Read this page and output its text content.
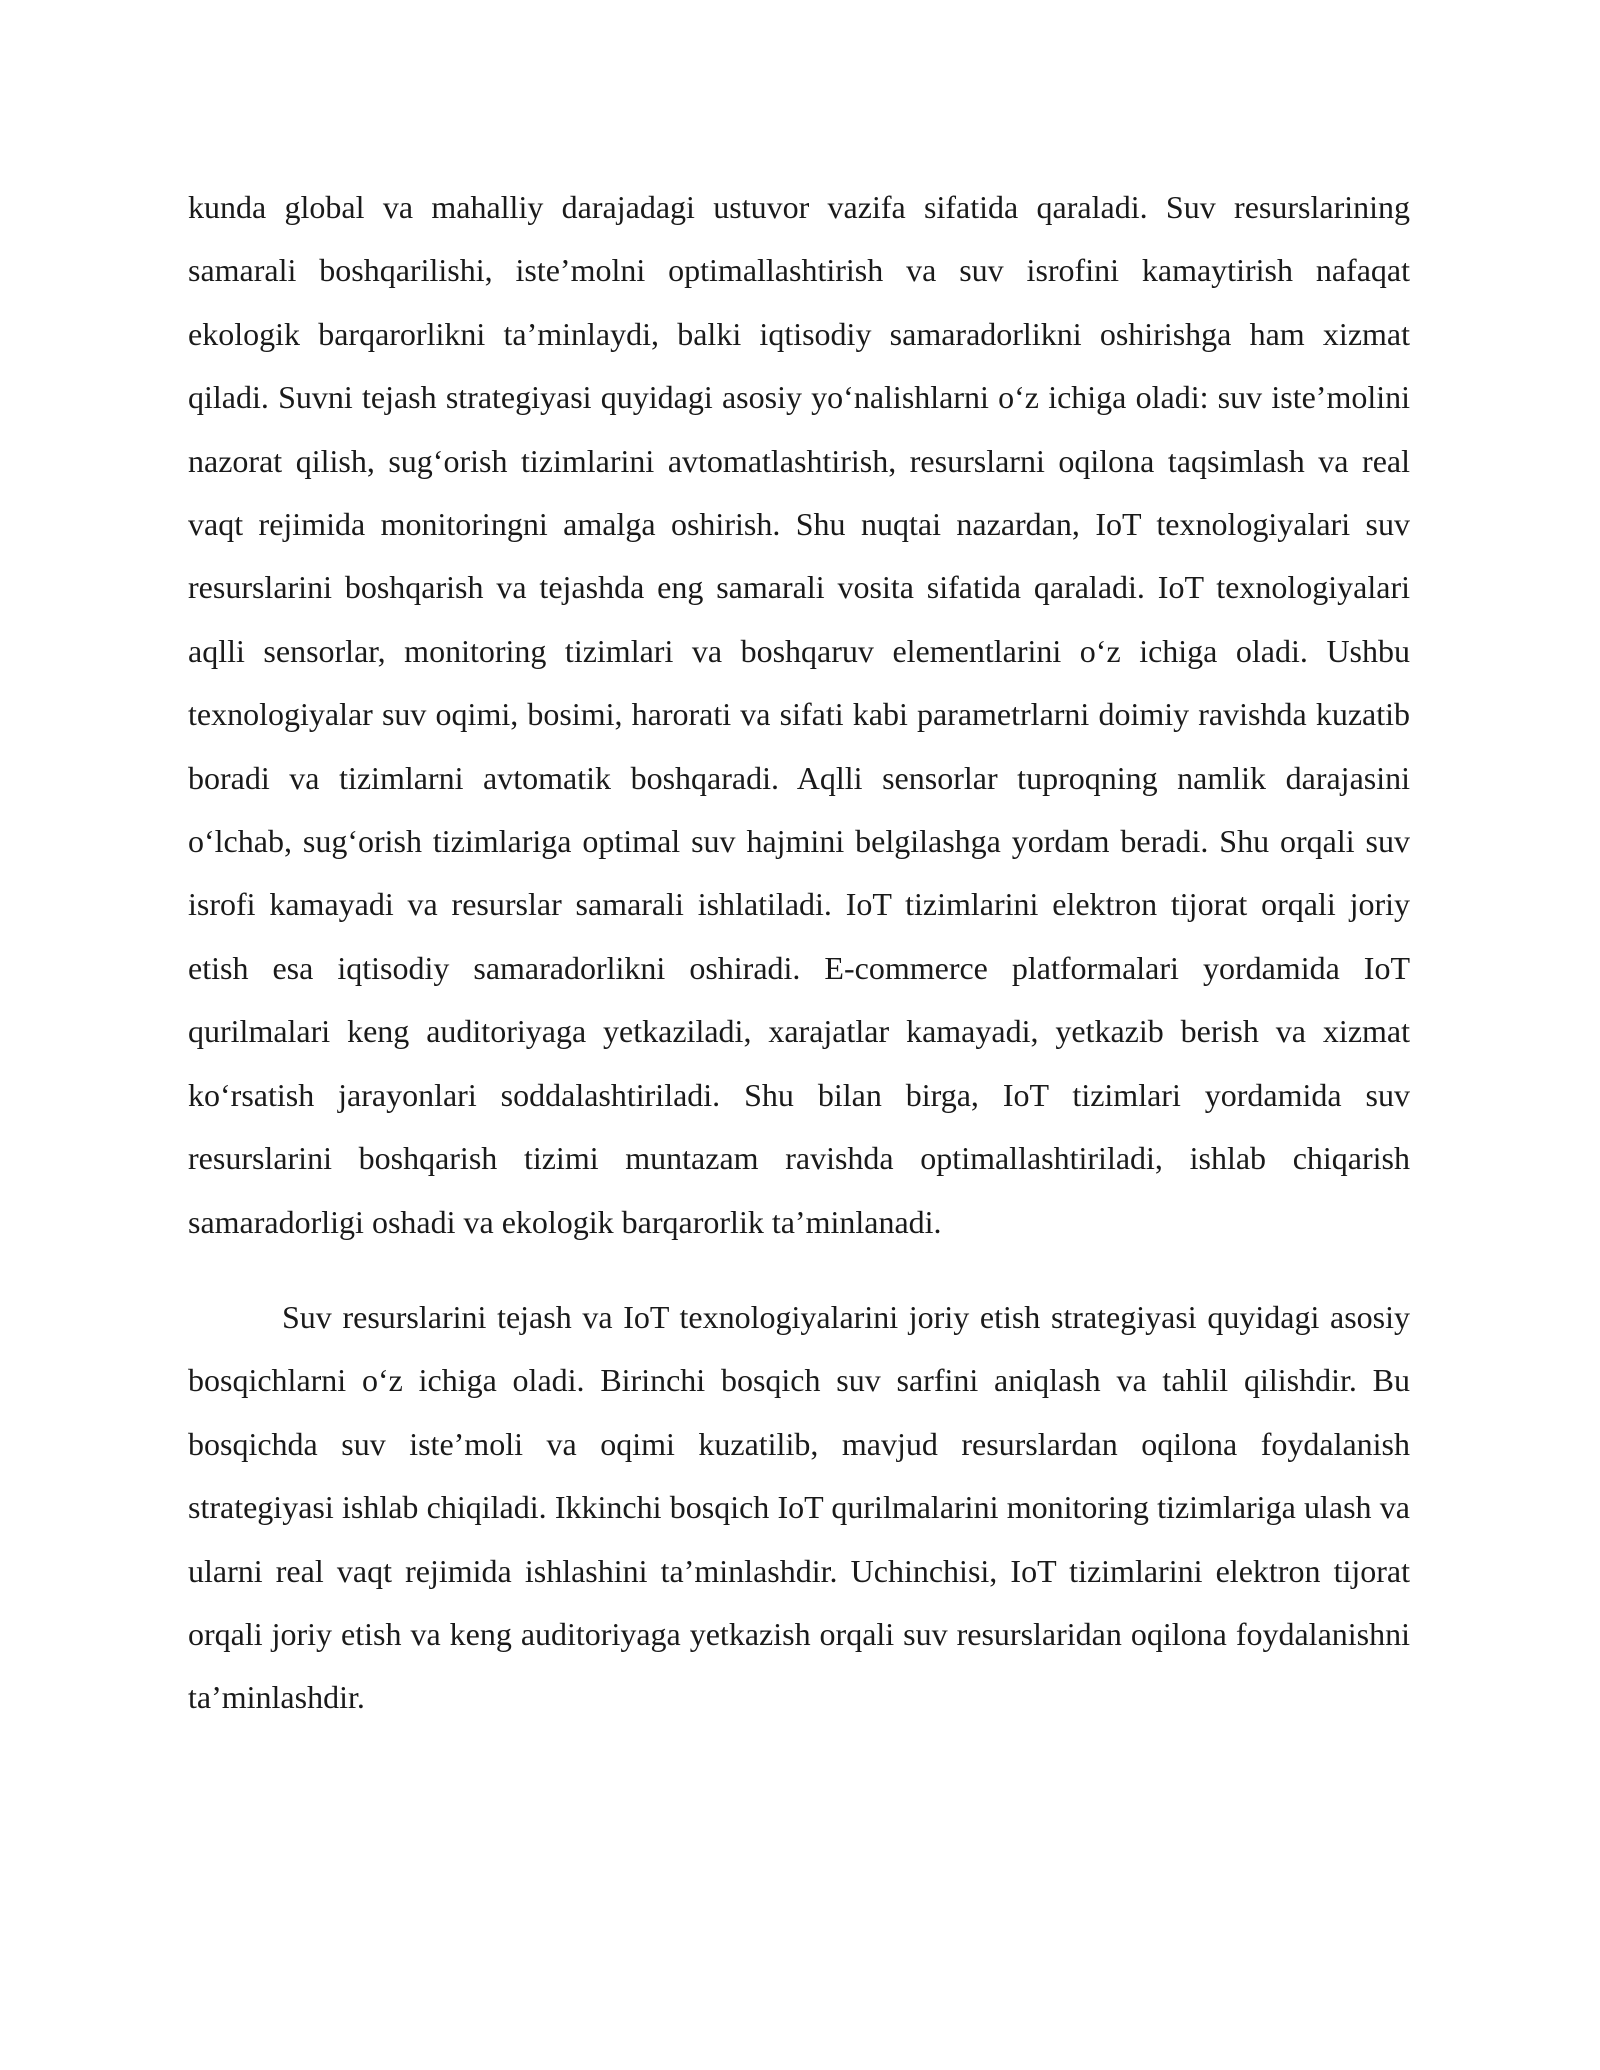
kunda global va mahalliy darajadagi ustuvor vazifa sifatida qaraladi. Suv resurslarining samarali boshqarilishi, iste’molni optimallashtirish va suv isrofini kamaytirish nafaqat ekologik barqarorlikni ta’minlaydi, balki iqtisodiy samaradorlikni oshirishga ham xizmat qiladi. Suvni tejash strategiyasi quyidagi asosiy yo‘nalishlarni o‘z ichiga oladi: suv iste’molini nazorat qilish, sug‘orish tizimlarini avtomatlashtirish, resurslarni oqilona taqsimlash va real vaqt rejimida monitoringni amalga oshirish. Shu nuqtai nazardan, IoT texnologiyalari suv resurslarini boshqarish va tejashda eng samarali vosita sifatida qaraladi. IoT texnologiyalari aqlli sensorlar, monitoring tizimlari va boshqaruv elementlarini o‘z ichiga oladi. Ushbu texnologiyalar suv oqimi, bosimi, harorati va sifati kabi parametrlarni doimiy ravishda kuzatib boradi va tizimlarni avtomatik boshqaradi. Aqlli sensorlar tuproqning namlik darajasini o‘lchab, sug‘orish tizimlariga optimal suv hajmini belgilashga yordam beradi. Shu orqali suv isrofi kamayadi va resurslar samarali ishlatiladi. IoT tizimlarini elektron tijorat orqali joriy etish esa iqtisodiy samaradorlikni oshiradi. E-commerce platformalari yordamida IoT qurilmalari keng auditoriyaga yetkaziladi, xarajatlar kamayadi, yetkazib berish va xizmat ko‘rsatish jarayonlari soddalashtiriladi. Shu bilan birga, IoT tizimlari yordamida suv resurslarini boshqarish tizimi muntazam ravishda optimallashtiriladi, ishlab chiqarish samaradorligi oshadi va ekologik barqarorlik ta’minlanadi.

Suv resurslarini tejash va IoT texnologiyalarini joriy etish strategiyasi quyidagi asosiy bosqichlarni o‘z ichiga oladi. Birinchi bosqich suv sarfini aniqlash va tahlil qilishdir. Bu bosqichda suv iste’moli va oqimi kuzatilib, mavjud resurslardan oqilona foydalanish strategiyasi ishlab chiqiladi. Ikkinchi bosqich IoT qurilmalarini monitoring tizimlariga ulash va ularni real vaqt rejimida ishlashini ta’minlashdir. Uchinchisi, IoT tizimlarini elektron tijorat orqali joriy etish va keng auditoriyaga yetkazish orqali suv resurslaridan oqilona foydalanishni ta’minlashdir.
